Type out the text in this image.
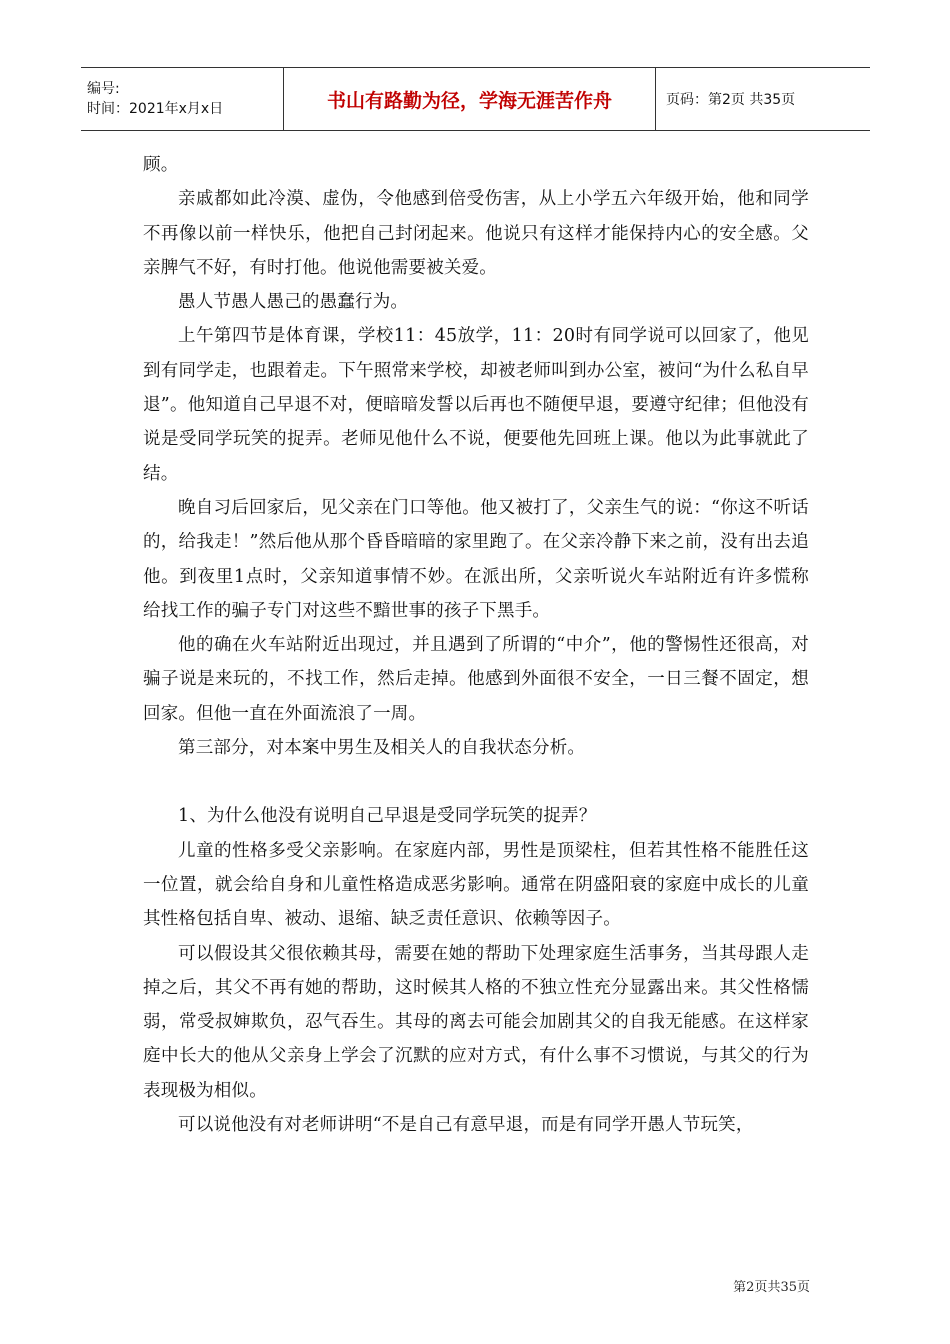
编号:
时间：2021年x月x日	书山有路勤为径，学海无涯苦作舟	页码：第2页 共35页

顾。

亲戚都如此冷漠、虚伪，令他感到倍受伤害，从上小学五六年级开始，他和同学不再像以前一样快乐，他把自己封闭起来。他说只有这样才能保持内心的安全感。父亲脾气不好，有时打他。他说他需要被关爱。

愚人节愚人愚己的愚蠢行为。

上午第四节是体育课，学校11：45放学，11：20时有同学说可以回家了，他见到有同学走，也跟着走。下午照常来学校，却被老师叫到办公室，被问“为什么私自早退”。他知道自己早退不对，便暗暗发誓以后再也不随便早退，要遵守纪律；但他没有说是受同学玩笑的捉弄。老师见他什么不说，便要他先回班上课。他以为此事就此了结。

晚自习后回家后，见父亲在门口等他。他又被打了，父亲生气的说：“你这不听话的，给我走！”然后他从那个昏昏暗暗的家里跑了。在父亲冷静下来之前，没有出去追他。到夜里1点时，父亲知道事情不妙。在派出所，父亲听说火车站附近有许多慌称给找工作的骗子专门对这些不黯世事的孩子下黑手。

他的确在火车站附近出现过，并且遇到了所谓的“中介”，他的警惕性还很高，对骗子说是来玩的，不找工作，然后走掉。他感到外面很不安全，一日三餐不固定，想回家。但他一直在外面流浪了一周。

第三部分，对本案中男生及相关人的自我状态分析。

1、为什么他没有说明自己早退是受同学玩笑的捉弄？

儿童的性格多受父亲影响。在家庭内部，男性是顶梁柱，但若其性格不能胜任这一位置，就会给自身和儿童性格造成恶劣影响。通常在阴盛阳衰的家庭中成长的儿童其性格包括自卑、被动、退缩、缺乏责任意识、依赖等因子。

可以假设其父很依赖其母，需要在她的帮助下处理家庭生活事务，当其母跟人走掉之后，其父不再有她的帮助，这时候其人格的不独立性充分显露出来。其父性格懦弱，常受叔婶欺负，忍气吞生。其母的离去可能会加剧其父的自我无能感。在这样家庭中长大的他从父亲身上学会了沉默的应对方式，有什么事不习惯说，与其父的行为表现极为相似。

可以说他没有对老师讲明“不是自己有意早退，而是有同学开愚人节玩笑，

第2页共35页
